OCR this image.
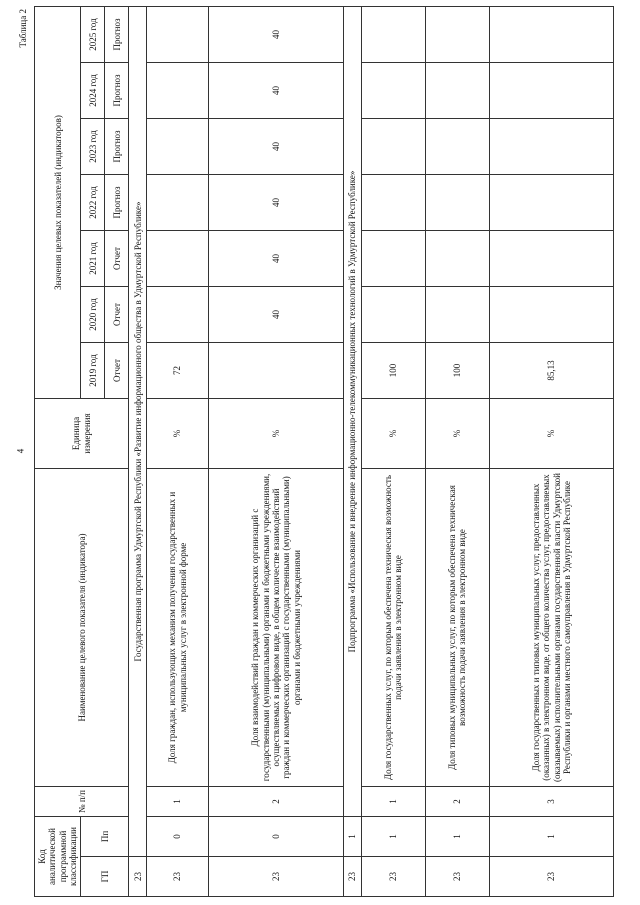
4
Таблица 2
Код аналитической программной классификации		№ п/п	Наименование целевого показателя (индикатора)	Единица измерения	Значения целевых показателей (индикаторов)						
ГП	Пп				2019 год	2020 год	2021 год	2022 год	2023 год	2024 год	2025 год
					Отчет	Отчет	Отчет	Прогноз	Прогноз	Прогноз	Прогноз
23	Государственная программа Удмуртской Республики «Развитие информационного общества в Удмуртской Республике»										
23	0	1	Доля граждан, использующих механизм получения государственных и муниципальных услуг в электронной форме	%	72						
23	0	2	Доля взаимодействий граждан и коммерческих организаций с государственными (муниципальными) органами и бюджетными учреждениями, осуществляемых в цифровом виде, в общем количестве взаимодействий граждан и коммерческих организаций с государственными (муниципальными) органами и бюджетными учреждениями	%		40	40	40	40	40	40
23	1	Подпрограмма «Использование и внедрение информационно-телекоммуникационных технологий в Удмуртской Республике»									
23	1	1	Доля государственных услуг, по которым обеспечена техническая возможность подачи заявления в электронном виде	%	100						
23	1	2	Доля типовых муниципальных услуг, по которым обеспечена техническая возможность подачи заявления в электронном виде	%	100						
23	1	3	Доля государственных и типовых муниципальных услуг, предоставленных (оказанных) в электронном виде, от общего количества услуг, предоставляемых (оказываемых) исполнительными органами государственной власти Удмуртской Республики и органами местного самоуправления в Удмуртской Республике	%	85,13						
